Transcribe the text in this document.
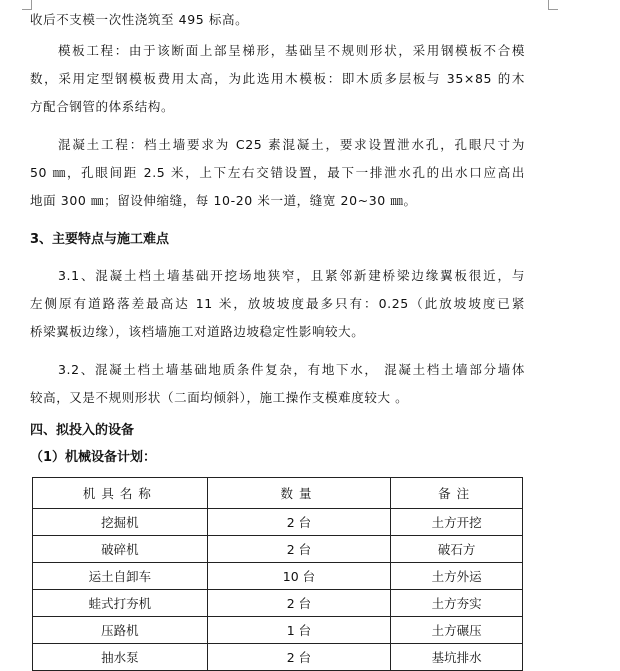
收后不支模一次性浇筑至 495 标高。
模板工程：由于该断面上部呈梯形，基础呈不规则形状，采用钢模板不合模
数，采用定型钢模板费用太高，为此选用木模板：即木质多层板与 35×85 的木
方配合钢管的体系结构。
混凝土工程：档土墙要求为 C25 素混凝土，要求设置泄水孔，孔眼尺寸为
50 ㎜，孔眼间距 2.5 米，上下左右交错设置，最下一排泄水孔的出水口应高出
地面 300 ㎜；留设伸缩缝，每 10-20 米一道，缝宽 20~30 ㎜。
3、主要特点与施工难点
3.1、混凝土档土墙基础开挖场地狭窄，且紧邻新建桥梁边缘翼板很近，与
左侧原有道路落差最高达 11 米，放坡坡度最多只有：0.25（此放坡坡度已紧
桥梁翼板边缘），该档墙施工对道路边坡稳定性影响较大。
3.2、混凝土档土墙基础地质条件复杂，有地下水， 混凝土档土墙部分墙体
较高，又是不规则形状（二面均倾斜），施工操作支模难度较大 。
四、拟投入的设备
（1）机械设备计划：
机具名称	数量	备注
挖掘机	2 台	土方开挖
破碎机	2 台	破石方
运土自卸车	10 台	土方外运
蛙式打夯机	2 台	土方夯实
压路机	1 台	土方碾压
抽水泵	2 台	基坑排水
